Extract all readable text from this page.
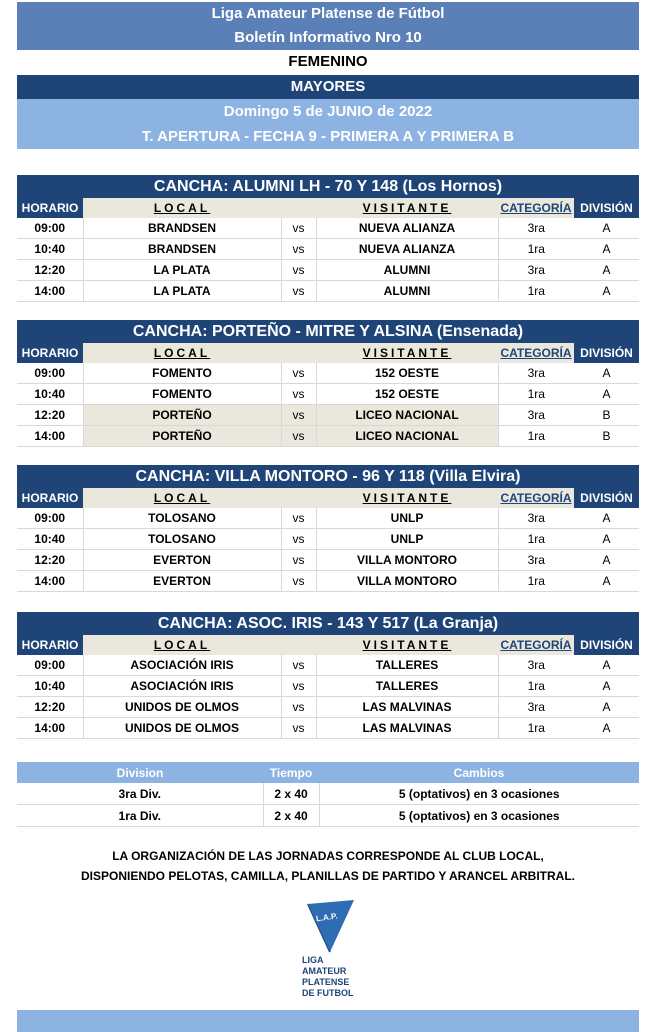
Liga Amateur Platense de Fútbol
Boletín Informativo Nro 10
FEMENINO
MAYORES
Domingo 5 de JUNIO de 2022
T. APERTURA - FECHA 9 - PRIMERA A Y PRIMERA B
CANCHA: ALUMNI LH - 70 Y 148 (Los Hornos)
HORARIO	LOCAL		VISITANTE	CATEGORÍA	DIVISIÓN
09:00	BRANDSEN	vs	NUEVA ALIANZA	3ra	A
10:40	BRANDSEN	vs	NUEVA ALIANZA	1ra	A
12:20	LA PLATA	vs	ALUMNI	3ra	A
14:00	LA PLATA	vs	ALUMNI	1ra	A
CANCHA: PORTEÑO - MITRE Y ALSINA (Ensenada)
HORARIO	LOCAL		VISITANTE	CATEGORÍA	DIVISIÓN
09:00	FOMENTO	vs	152 OESTE	3ra	A
10:40	FOMENTO	vs	152 OESTE	1ra	A
12:20	PORTEÑO	vs	LICEO NACIONAL	3ra	B
14:00	PORTEÑO	vs	LICEO NACIONAL	1ra	B
CANCHA: VILLA MONTORO - 96 Y 118 (Villa Elvira)
HORARIO	LOCAL		VISITANTE	CATEGORÍA	DIVISIÓN
09:00	TOLOSANO	vs	UNLP	3ra	A
10:40	TOLOSANO	vs	UNLP	1ra	A
12:20	EVERTON	vs	VILLA MONTORO	3ra	A
14:00	EVERTON	vs	VILLA MONTORO	1ra	A
CANCHA: ASOC. IRIS - 143 Y 517 (La Granja)
HORARIO	LOCAL		VISITANTE	CATEGORÍA	DIVISIÓN
09:00	ASOCIACIÓN IRIS	vs	TALLERES	3ra	A
10:40	ASOCIACIÓN IRIS	vs	TALLERES	1ra	A
12:20	UNIDOS DE OLMOS	vs	LAS MALVINAS	3ra	A
14:00	UNIDOS DE OLMOS	vs	LAS MALVINAS	1ra	A
Division	Tiempo	Cambios
3ra Div.	2 x 40	5 (optativos) en 3 ocasiones
1ra Div.	2 x 40	5 (optativos) en 3 ocasiones
LA ORGANIZACIÓN DE LAS JORNADAS CORRESPONDE AL CLUB LOCAL,
DISPONIENDO PELOTAS, CAMILLA, PLANILLAS DE PARTIDO Y ARANCEL ARBITRAL.
L.A.P.
LIGA
AMATEUR
PLATENSE
DE FUTBOL
